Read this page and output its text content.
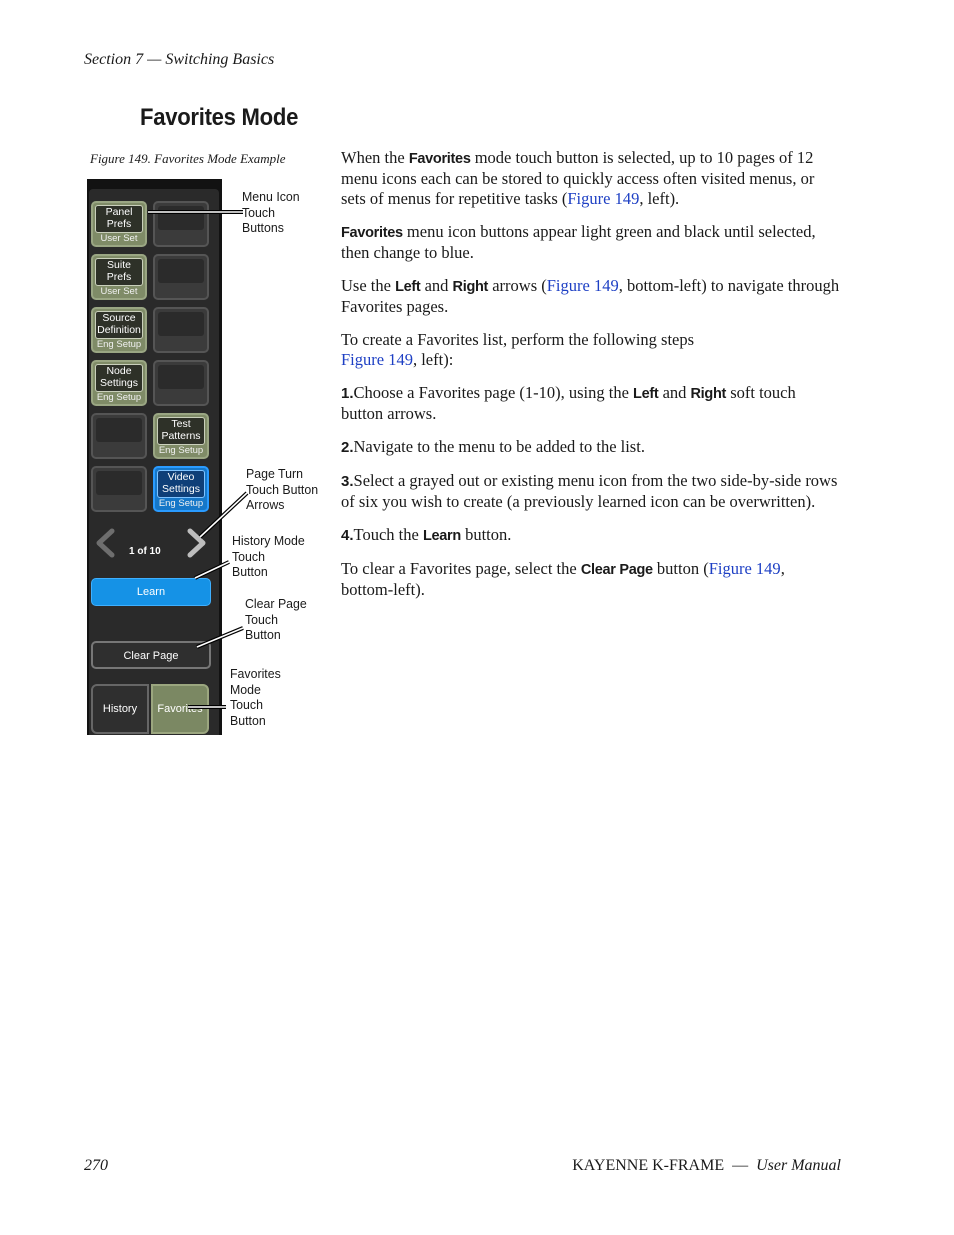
Section 7 — Switching Basics
Favorites Mode
Figure 149. Favorites Mode Example
Panel
Prefs
User Set
Suite
Prefs
User Set
Source
Definition
Eng Setup
Node
Settings
Eng Setup
Test
Patterns
Eng Setup
Video
Settings
Eng Setup
1 of 10
Learn
Clear Page
History	Favorites
Menu Icon
Touch
Buttons
Page Turn
Touch Button
Arrows
History Mode
Touch
Button
Clear Page
Touch
Button
Favorites
Mode
Touch
Button

When the Favorites mode touch button is selected, up to 10 pages of 12 menu icons each can be stored to quickly access often visited menus, or sets of menus for repetitive tasks (Figure 149, left).

Favorites menu icon buttons appear light green and black until selected, then change to blue.

Use the Left and Right arrows (Figure 149, bottom-left) to navigate through Favorites pages.

To create a Favorites list, perform the following steps
Figure 149, left):

1.Choose a Favorites page (1-10), using the Left and Right soft touch button arrows.

2.Navigate to the menu to be added to the list.

3.Select a grayed out or existing menu icon from the two side-by-side rows of six you wish to create (a previously learned icon can be overwritten).

4.Touch the Learn button.

To clear a Favorites page, select the Clear Page button (Figure 149, bottom-left).

270	KAYENNE K-FRAME  —  User Manual
